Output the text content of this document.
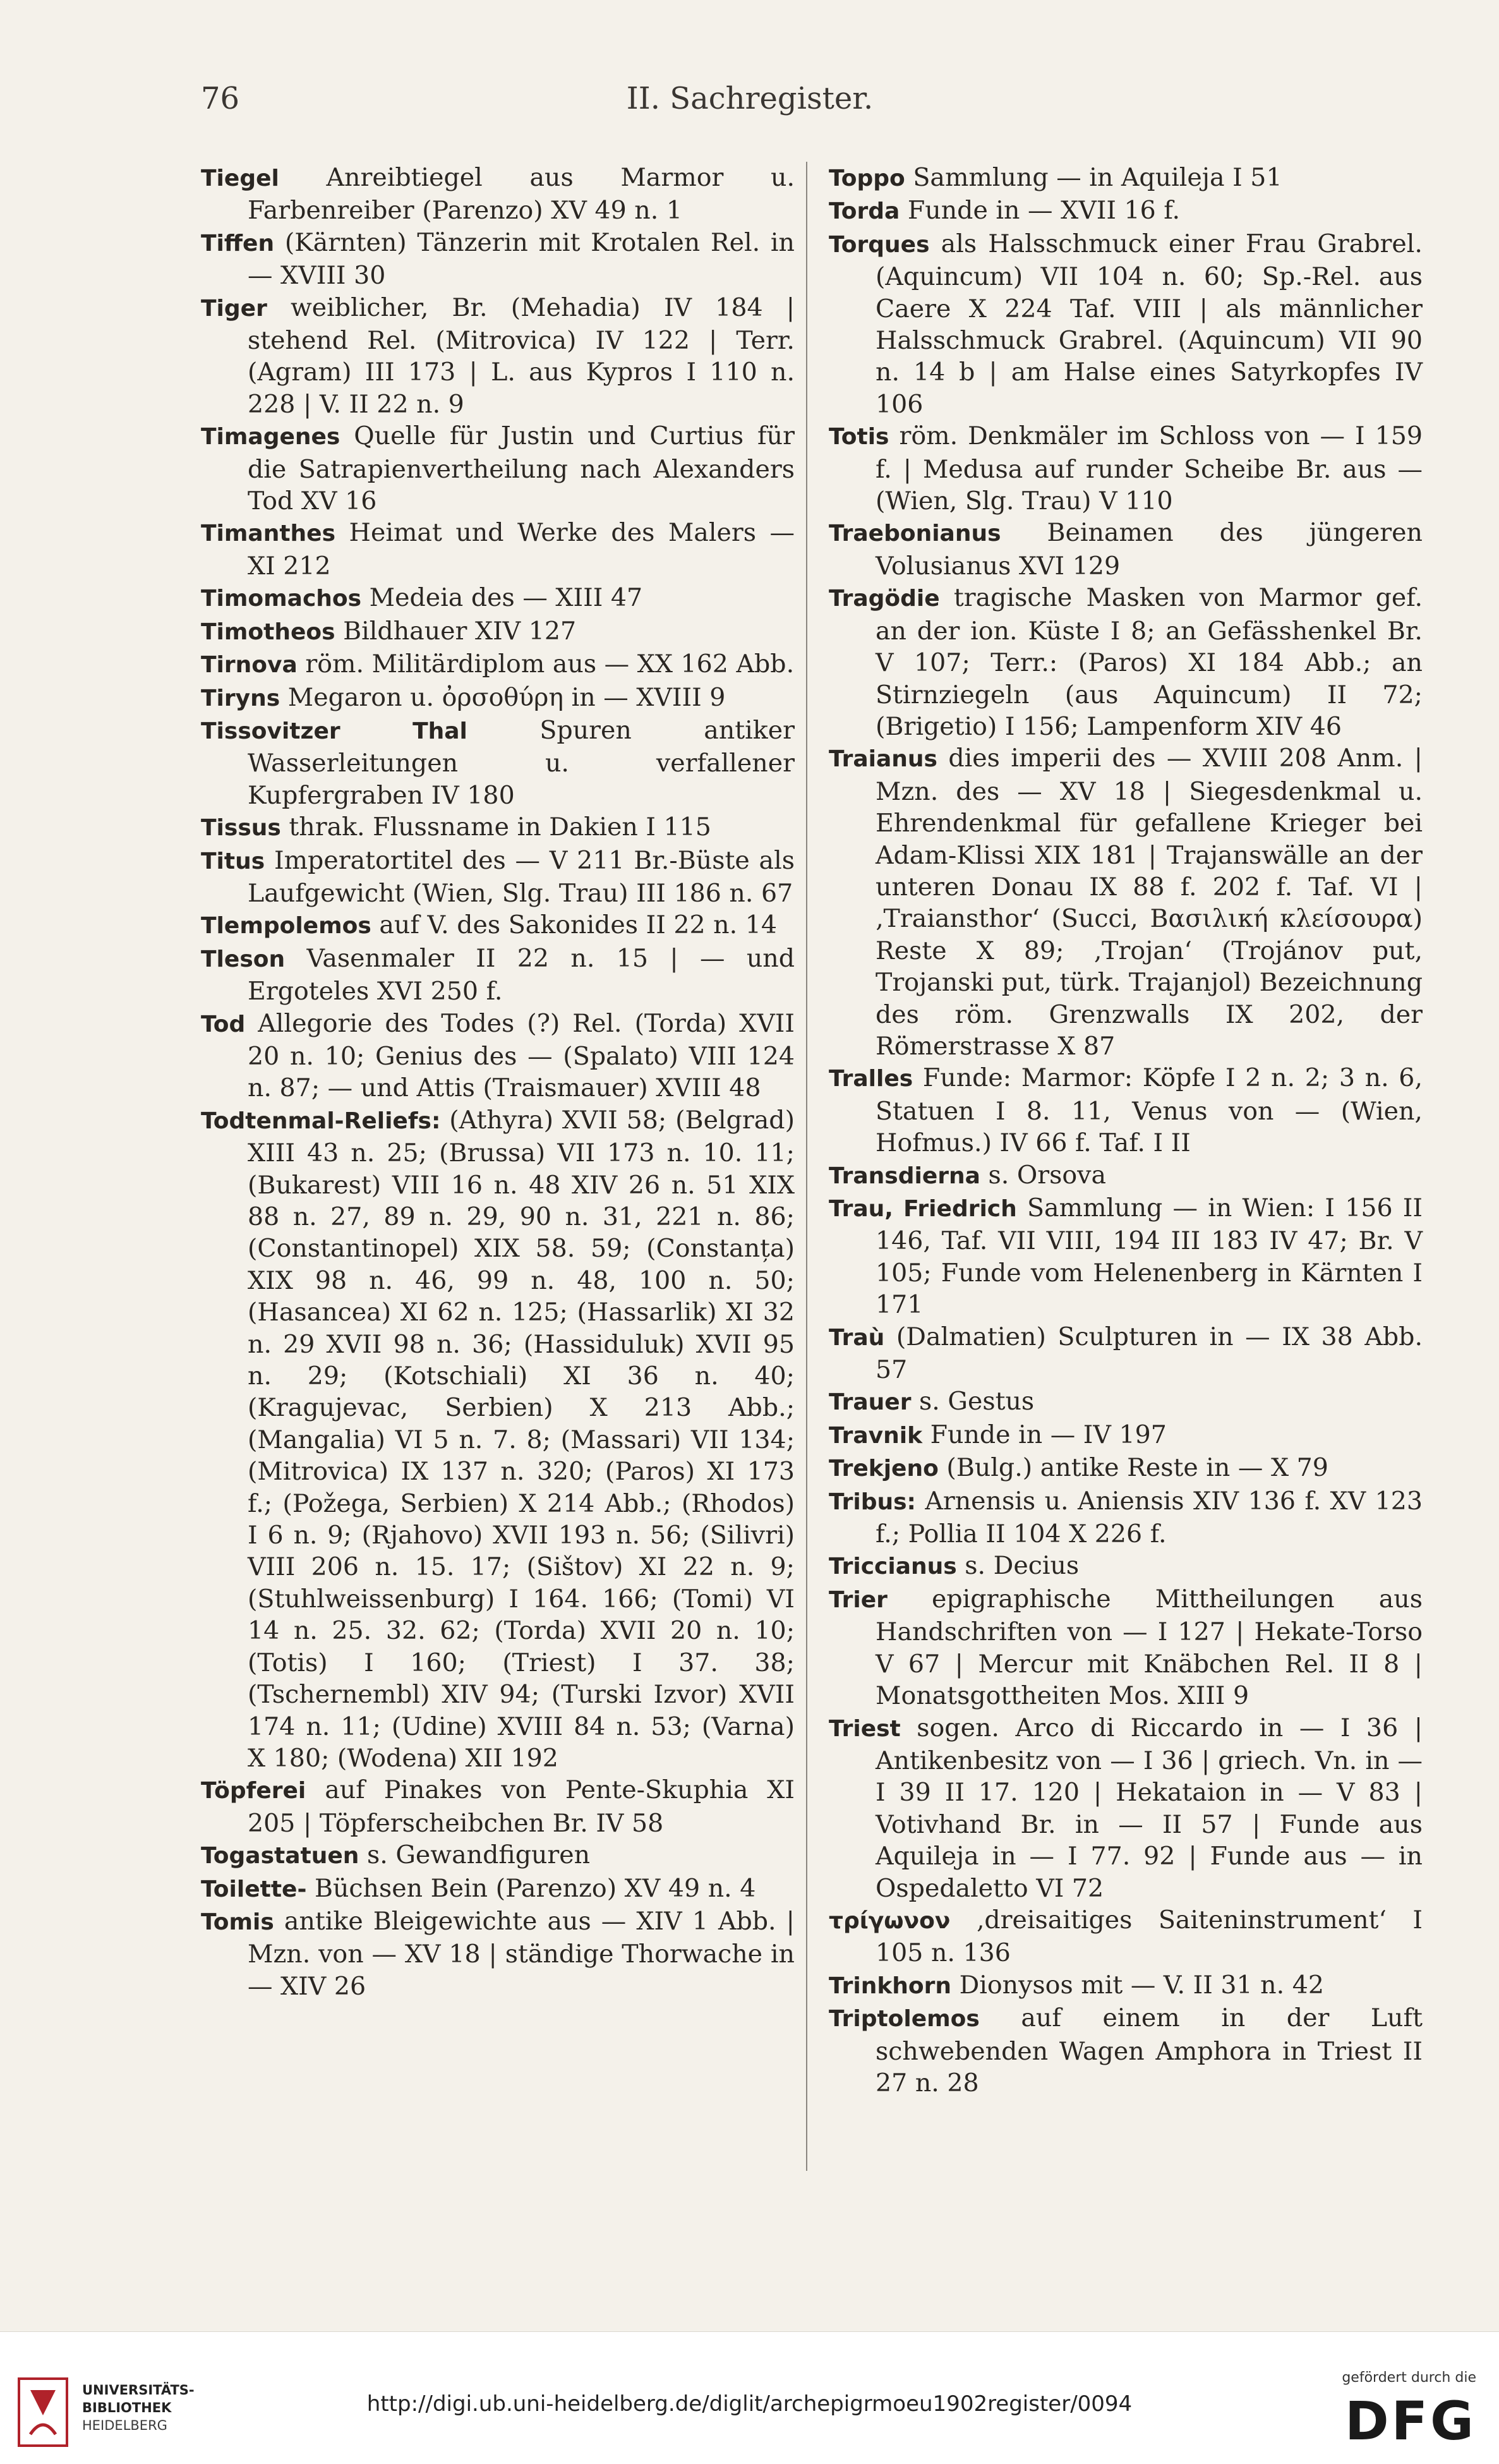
76	II. Sachregister.

Tiegel Anreibtiegel aus Marmor u. Farbenreiber (Parenzo) XV 49 n. 1

Tiffen (Kärnten) Tänzerin mit Krotalen Rel. in — XVIII 30

Tiger weiblicher, Br. (Mehadia) IV 184 | stehend Rel. (Mitrovica) IV 122 | Terr. (Agram) III 173 | L. aus Kypros I 110 n. 228 | V. II 22 n. 9

Timagenes Quelle für Justin und Curtius für die Satrapienvertheilung nach Alexanders Tod XV 16

Timanthes Heimat und Werke des Malers — XI 212

Timomachos Medeia des — XIII 47

Timotheos Bildhauer XIV 127

Tirnova röm. Militärdiplom aus — XX 162 Abb.

Tiryns Megaron u. ὀρσοθύρη in — XVIII 9

Tissovitzer Thal	Spuren antiker Wasserleitungen u. verfallener Kupfergraben IV 180

Tissus thrak. Flussname in Dakien I 115

Titus Imperatortitel des — V 211 Br.-Büste als Laufgewicht (Wien, Slg. Trau) III 186 n. 67

Tlempolemos auf V. des Sakonides II 22 n. 14

Tleson Vasenmaler II 22 n. 15 | — und Ergoteles XVI 250 f.

Tod Allegorie des Todes (?) Rel. (Torda) XVII 20 n. 10; Genius des — (Spalato) VIII 124 n. 87; — und Attis (Traismauer) XVIII 48

Todtenmal-Reliefs: (Athyra) XVII 58; (Belgrad) XIII 43 n. 25; (Brussa) VII 173 n. 10. 11; (Bukarest) VIII 16 n. 48 XIV 26 n. 51 XIX 88 n. 27, 89 n. 29, 90 n. 31, 221 n. 86; (Constantinopel) XIX 58. 59; (Constanța) XIX 98 n. 46, 99 n. 48, 100 n. 50; (Hasancea) XI 62 n. 125; (Hassarlik) XI 32 n. 29 XVII 98 n. 36; (Hassiduluk) XVII 95 n. 29; (Kotschiali) XI 36 n. 40; (Kragujevac, Serbien) X 213 Abb.; (Mangalia) VI 5 n. 7. 8; (Massari) VII 134; (Mitrovica) IX 137 n. 320; (Paros) XI 173 f.; (Požega, Serbien) X 214 Abb.; (Rhodos) I 6 n. 9; (Rjahovo) XVII 193 n. 56; (Silivri) VIII 206 n. 15. 17; (Sištov) XI 22 n. 9; (Stuhlweissenburg) I 164. 166; (Tomi) VI 14 n. 25. 32. 62; (Torda) XVII 20 n. 10; (Totis) I 160; (Triest) I 37. 38; (Tschernembl) XIV 94; (Turski Izvor) XVII 174 n. 11; (Udine) XVIII 84 n. 53; (Varna) X 180; (Wodena) XII 192

Töpferei auf Pinakes von Pente-Skuphia XI 205 | Töpferscheibchen Br. IV 58

Togastatuen s. Gewandfiguren

Toilette- Büchsen Bein (Parenzo) XV 49 n. 4

Tomis antike Bleigewichte aus — XIV 1 Abb. | Mzn. von — XV 18 | ständige Thorwache in — XIV 26

Toppo Sammlung — in Aquileja I 51

Torda Funde in — XVII 16 f.

Torques als Halsschmuck einer Frau Grabrel. (Aquincum) VII 104 n. 60; Sp.-Rel. aus Caere X 224 Taf. VIII | als männlicher Halsschmuck Grabrel. (Aquincum) VII 90 n. 14 b | am Halse eines Satyrkopfes IV 106

Totis röm. Denkmäler im Schloss von — I 159 f. | Medusa auf runder Scheibe Br. aus — (Wien, Slg. Trau) V 110

Traebonianus Beinamen des jüngeren Volusianus XVI 129

Tragödie tragische Masken von Marmor gef. an der ion. Küste I 8; an Gefässhenkel Br. V 107; Terr.: (Paros) XI 184 Abb.; an Stirnziegeln (aus Aquincum) II 72; (Brigetio) I 156; Lampenform XIV 46

Traianus dies imperii des — XVIII 208 Anm. | Mzn. des — XV 18 | Siegesdenkmal u. Ehrendenkmal für gefallene Krieger bei Adam-Klissi XIX 181 | Trajanswälle an der unteren Donau IX 88 f. 202 f. Taf. VI | ‚Traiansthor‘ (Succi, Βασιλική κλείσουρα) Reste X 89; ‚Trojan‘ (Trojánov put, Trojanski put, türk. Trajanjol) Bezeichnung des röm. Grenzwalls IX 202, der Römerstrasse X 87

Tralles Funde: Marmor: Köpfe I 2 n. 2; 3 n. 6, Statuen I 8. 11, Venus von — (Wien, Hofmus.) IV 66 f. Taf. I II

Transdierna s. Orsova

Trau, Friedrich Sammlung — in Wien: I 156 II 146, Taf. VII VIII, 194 III 183 IV 47; Br. V 105; Funde vom Helenenberg in Kärnten I 171

Traù (Dalmatien) Sculpturen in — IX 38 Abb. 57

Trauer s. Gestus

Travnik Funde in — IV 197

Trekjeno (Bulg.) antike Reste in — X 79

Tribus: Arnensis u. Aniensis XIV 136 f. XV 123 f.; Pollia II 104 X 226 f.

Triccianus s. Decius

Trier epigraphische Mittheilungen aus Handschriften von — I 127 | Hekate-Torso V 67 | Mercur mit Knäbchen Rel. II 8 | Monatsgottheiten Mos. XIII 9

Triest sogen. Arco di Riccardo in — I 36 | Antikenbesitz von — I 36 | griech. Vn. in — I 39 II 17. 120 | Hekataion in — V 83 | Votivhand Br. in — II 57 | Funde aus Aquileja in — I 77. 92 | Funde aus — in Ospedaletto VI 72

τρίγωνον ‚dreisaitiges Saiteninstrument‘ I 105 n. 136

Trinkhorn Dionysos mit — V. II 31 n. 42

Triptolemos auf einem in der Luft schwebenden Wagen Amphora in Triest II 27 n. 28

UNIVERSITÄTS-
BIBLIOTHEK
HEIDELBERG
http://digi.ub.uni-heidelberg.de/diglit/archepigrmoeu1902register/0094
gefördert durch die
DFG
